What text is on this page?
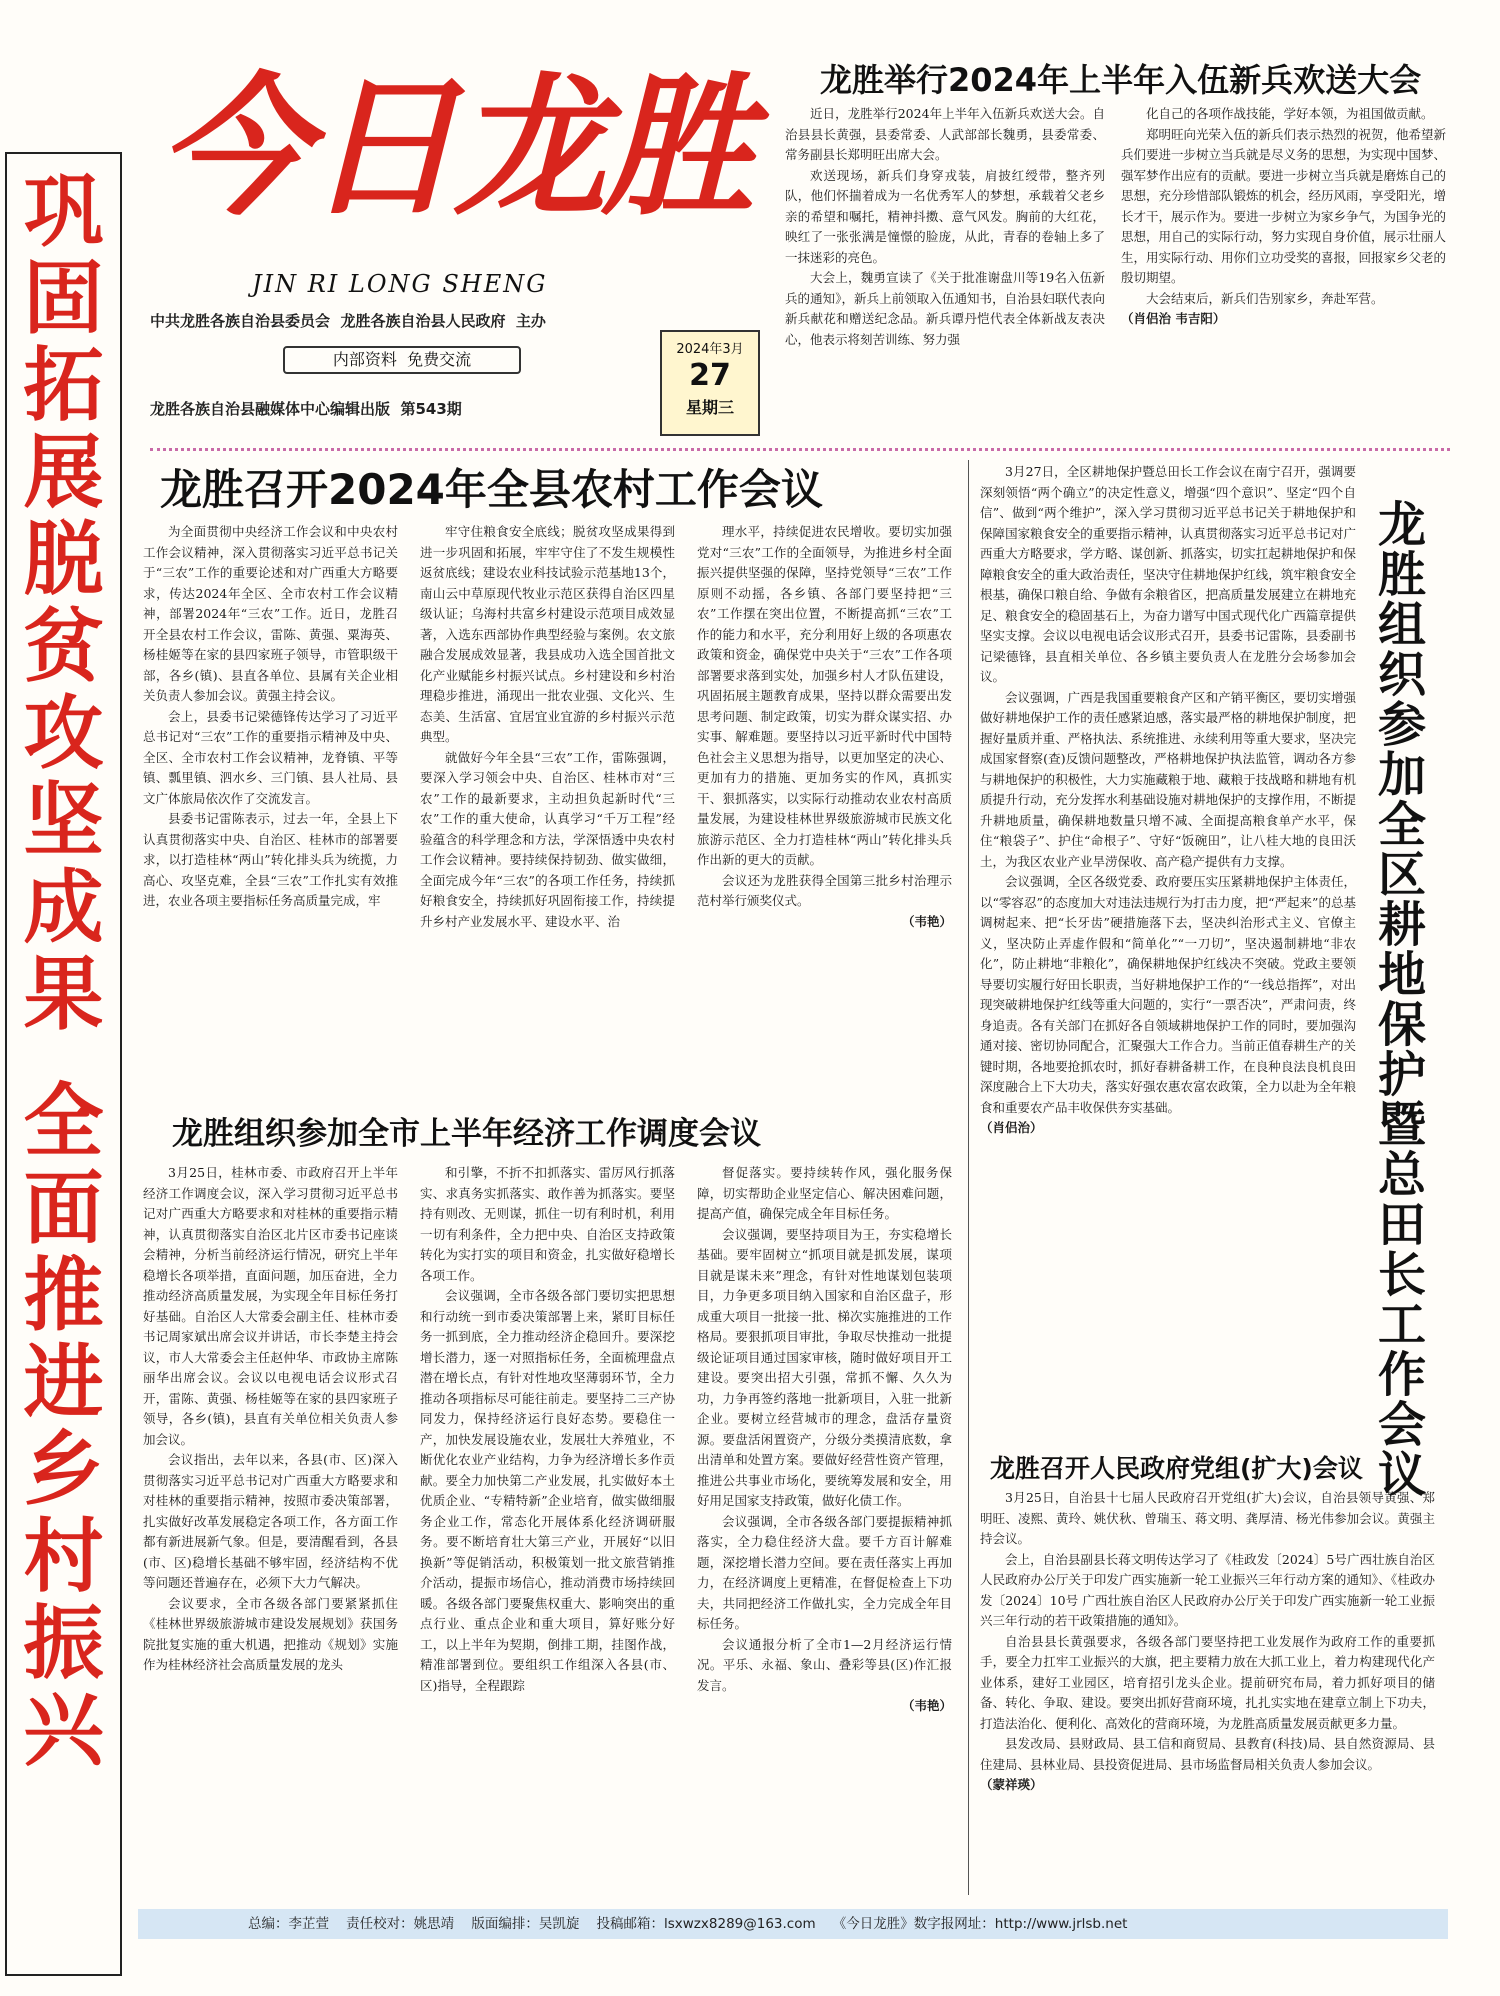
巩
固
拓
展
脱
贫
攻
坚
成
果
全
面
推
进
乡
村
振
兴
今日龙胜
JIN RI LONG SHENG
中共龙胜各族自治县委员会  龙胜各族自治县人民政府  主办
内部资料  免费交流
龙胜各族自治县融媒体中心编辑出版  第543期
2024年3月
27
星期三
龙胜举行2024年上半年入伍新兵欢送大会

近日，龙胜举行2024年上半年入伍新兵欢送大会。自治县县长黄强，县委常委、人武部部长魏勇，县委常委、常务副县长郑明旺出席大会。

欢送现场，新兵们身穿戎装，肩披红绶带，整齐列队，他们怀揣着成为一名优秀军人的梦想，承载着父老乡亲的希望和嘱托，精神抖擞、意气风发。胸前的大红花，映红了一张张满是憧憬的脸庞，从此，青春的卷轴上多了一抹迷彩的亮色。

大会上，魏勇宣读了《关于批准谢盘川等19名入伍新兵的通知》，新兵上前领取入伍通知书，自治县妇联代表向新兵献花和赠送纪念品。新兵谭丹恺代表全体新战友表决心，他表示将刻苦训练、努力强

化自己的各项作战技能，学好本领，为祖国做贡献。

郑明旺向光荣入伍的新兵们表示热烈的祝贺，他希望新兵们要进一步树立当兵就是尽义务的思想，为实现中国梦、强军梦作出应有的贡献。要进一步树立当兵就是磨炼自己的思想，充分珍惜部队锻炼的机会，经历风雨，享受阳光，增长才干，展示作为。要进一步树立为家乡争气，为国争光的思想，用自己的实际行动，努力实现自身价值，展示壮丽人生，用实际行动、用你们立功受奖的喜报，回报家乡父老的殷切期望。

大会结束后，新兵们告别家乡，奔赴军营。

（肖侣治 韦吉阳）
龙胜召开2024年全县农村工作会议

为全面贯彻中央经济工作会议和中央农村工作会议精神，深入贯彻落实习近平总书记关于“三农”工作的重要论述和对广西重大方略要求，传达2024年全区、全市农村工作会议精神，部署2024年“三农”工作。近日，龙胜召开全县农村工作会议，雷陈、黄强、粟海英、杨桂姬等在家的县四家班子领导，市管职级干部，各乡(镇)、县直各单位、县属有关企业相关负责人参加会议。黄强主持会议。

会上，县委书记梁德锋传达学习了习近平总书记对“三农”工作的重要指示精神及中央、全区、全市农村工作会议精神，龙脊镇、平等镇、瓢里镇、泗水乡、三门镇、县人社局、县文广体旅局依次作了交流发言。

县委书记雷陈表示，过去一年，全县上下认真贯彻落实中央、自治区、桂林市的部署要求，以打造桂林“两山”转化排头兵为统揽，力高心、攻坚克难，全县“三农”工作扎实有效推进，农业各项主要指标任务高质量完成，牢

牢守住粮食安全底线；脱贫攻坚成果得到进一步巩固和拓展，牢牢守住了不发生规模性返贫底线；建设农业科技试验示范基地13个，南山云中草原现代牧业示范区获得自治区四星级认证；乌海村共富乡村建设示范项目成效显著，入选东西部协作典型经验与案例。农文旅融合发展成效显著，我县成功入选全国首批文化产业赋能乡村振兴试点。乡村建设和乡村治理稳步推进，涌现出一批农业强、文化兴、生态美、生活富、宜居宜业宜游的乡村振兴示范典型。

就做好今年全县“三农”工作，雷陈强调，要深入学习领会中央、自治区、桂林市对“三农”工作的最新要求，主动担负起新时代“三农”工作的重大使命，认真学习“千万工程”经验蕴含的科学理念和方法，学深悟透中央农村工作会议精神。要持续保持韧劲、做实做细，全面完成今年“三农”的各项工作任务，持续抓好粮食安全，持续抓好巩固衔接工作，持续提升乡村产业发展水平、建设水平、治

理水平，持续促进农民增收。要切实加强党对“三农”工作的全面领导，为推进乡村全面振兴提供坚强的保障，坚持党领导“三农”工作原则不动摇，各乡镇、各部门要坚持把“三农”工作摆在突出位置，不断提高抓“三农”工作的能力和水平，充分利用好上级的各项惠农政策和资金，确保党中央关于“三农”工作各项部署要求落到实处，加强乡村人才队伍建设，巩固拓展主题教育成果，坚持以群众需要出发思考问题、制定政策，切实为群众谋实招、办实事、解难题。要坚持以习近平新时代中国特色社会主义思想为指导，以更加坚定的决心、更加有力的措施、更加务实的作风，真抓实干、狠抓落实，以实际行动推动农业农村高质量发展，为建设桂林世界级旅游城市民族文化旅游示范区、全力打造桂林“两山”转化排头兵作出新的更大的贡献。

会议还为龙胜获得全国第三批乡村治理示范村举行颁奖仪式。

（韦艳）
龙胜组织参加全市上半年经济工作调度会议

3月25日，桂林市委、市政府召开上半年经济工作调度会议，深入学习贯彻习近平总书记对广西重大方略要求和对桂林的重要指示精神，认真贯彻落实自治区北片区市委书记座谈会精神，分析当前经济运行情况，研究上半年稳增长各项举措，直面问题，加压奋进，全力推动经济高质量发展，为实现全年目标任务打好基础。自治区人大常委会副主任、桂林市委书记周家斌出席会议并讲话，市长李楚主持会议，市人大常委会主任赵仲华、市政协主席陈丽华出席会议。会议以电视电话会议形式召开，雷陈、黄强、杨桂姬等在家的县四家班子领导，各乡(镇)，县直有关单位相关负责人参加会议。

会议指出，去年以来，各县(市、区)深入贯彻落实习近平总书记对广西重大方略要求和对桂林的重要指示精神，按照市委决策部署，扎实做好改革发展稳定各项工作，各方面工作都有新进展新气象。但是，要清醒看到，各县(市、区)稳增长基础不够牢固，经济结构不优等问题还普遍存在，必须下大力气解决。

会议要求，全市各级各部门要紧紧抓住《桂林世界级旅游城市建设发展规划》获国务院批复实施的重大机遇，把推动《规划》实施作为桂林经济社会高质量发展的龙头

和引擎，不折不扣抓落实、雷厉风行抓落实、求真务实抓落实、敢作善为抓落实。要坚持有则改、无则谋，抓住一切有利时机，利用一切有利条件，全力把中央、自治区支持政策转化为实打实的项目和资金，扎实做好稳增长各项工作。

会议强调，全市各级各部门要切实把思想和行动统一到市委决策部署上来，紧盯目标任务一抓到底，全力推动经济企稳回升。要深挖增长潜力，逐一对照指标任务，全面梳理盘点潜在增长点，有针对性地攻坚薄弱环节，全力推动各项指标尽可能往前走。要坚持二三产协同发力，保持经济运行良好态势。要稳住一产，加快发展设施农业，发展壮大养殖业，不断优化农业产业结构，力争为经济增长多作贡献。要全力加快第二产业发展，扎实做好本土优质企业、“专精特新”企业培育，做实做细服务企业工作，常态化开展体系化经济调研服务。要不断培育壮大第三产业，开展好“以旧换新”等促销活动，积极策划一批文旅营销推介活动，提振市场信心，推动消费市场持续回暖。各级各部门要聚焦权重大、影响突出的重点行业、重点企业和重大项目，算好账分好工，以上半年为契期，倒排工期，挂图作战，精准部署到位。要组织工作组深入各县(市、区)指导，全程跟踪

督促落实。要持续转作风，强化服务保障，切实帮助企业坚定信心、解决困难问题，提高产值，确保完成全年目标任务。

会议强调，要坚持项目为王，夯实稳增长基础。要牢固树立“抓项目就是抓发展，谋项目就是谋未来”理念，有针对性地谋划包装项目，力争更多项目纳入国家和自治区盘子，形成重大项目一批接一批、梯次实施推进的工作格局。要狠抓项目审批，争取尽快推动一批提级论证项目通过国家审核，随时做好项目开工建设。要突出招大引强，常抓不懈、久久为功，力争再签约落地一批新项目，入驻一批新企业。要树立经营城市的理念，盘活存量资源。要盘活闲置资产，分级分类摸清底数，拿出清单和处置方案。要做好经营性资产管理，推进公共事业市场化，要统筹发展和安全，用好用足国家支持政策，做好化债工作。

会议强调，全市各级各部门要提振精神抓落实，全力稳住经济大盘。要千方百计解难题，深挖增长潜力空间。要在责任落实上再加力，在经济调度上更精准，在督促检查上下功夫，共同把经济工作做扎实，全力完成全年目标任务。

会议通报分析了全市1—2月经济运行情况。平乐、永福、象山、叠彩等县(区)作汇报发言。

（韦艳）
龙
胜
组
织
参
加
全
区
耕
地
保
护
暨
总
田
长
工
作
会
议

3月27日，全区耕地保护暨总田长工作会议在南宁召开，强调要深刻领悟“两个确立”的决定性意义，增强“四个意识”、坚定“四个自信”、做到“两个维护”，深入学习贯彻习近平总书记关于耕地保护和保障国家粮食安全的重要指示精神，认真贯彻落实习近平总书记对广西重大方略要求，学方略、谋创新、抓落实，切实扛起耕地保护和保障粮食安全的重大政治责任，坚决守住耕地保护红线，筑牢粮食安全根基，确保口粮自给、争做有余粮省区，把高质量发展建立在耕地充足、粮食安全的稳固基石上，为奋力谱写中国式现代化广西篇章提供坚实支撑。会议以电视电话会议形式召开，县委书记雷陈，县委副书记梁德锋，县直相关单位、各乡镇主要负责人在龙胜分会场参加会议。

会议强调，广西是我国重要粮食产区和产销平衡区，要切实增强做好耕地保护工作的责任感紧迫感，落实最严格的耕地保护制度，把握好量质并重、严格执法、系统推进、永续利用等重大要求，坚决完成国家督察(查)反馈问题整改，严格耕地保护执法监管，调动各方参与耕地保护的积极性，大力实施藏粮于地、藏粮于技战略和耕地有机质提升行动，充分发挥水利基础设施对耕地保护的支撑作用，不断提升耕地质量，确保耕地数量只增不减、全面提高粮食单产水平，保住“粮袋子”、护住“命根子”、守好“饭碗田”，让八桂大地的良田沃土，为我区农业产业旱涝保收、高产稳产提供有力支撑。

会议强调，全区各级党委、政府要压实压紧耕地保护主体责任，以“零容忍”的态度加大对违法违规行为打击力度，把“严起来”的总基调树起来、把“长牙齿”硬措施落下去，坚决纠治形式主义、官僚主义，坚决防止弄虚作假和“简单化”“一刀切”，坚决遏制耕地“非农化”，防止耕地“非粮化”，确保耕地保护红线决不突破。党政主要领导要切实履行好田长职责，当好耕地保护工作的“一线总指挥”，对出现突破耕地保护红线等重大问题的，实行“一票否决”，严肃问责，终身追责。各有关部门在抓好各自领域耕地保护工作的同时，要加强沟通对接、密切协同配合，汇聚强大工作合力。当前正值春耕生产的关键时期，各地要抢抓农时，抓好春耕备耕工作，在良种良法良机良田深度融合上下大功夫，落实好强农惠农富农政策，全力以赴为全年粮食和重要农产品丰收保供夯实基础。

（肖侣治）
龙胜召开人民政府党组(扩大)会议

3月25日，自治县十七届人民政府召开党组(扩大)会议，自治县领导黄强、郑明旺、凌熙、黄玲、姚伏秋、曾瑞玉、蒋文明、龚厚清、杨光伟参加会议。黄强主持会议。

会上，自治县副县长蒋文明传达学习了《桂政发〔2024〕5号广西壮族自治区人民政府办公厅关于印发广西实施新一轮工业振兴三年行动方案的通知》、《桂政办发〔2024〕10号 广西壮族自治区人民政府办公厅关于印发广西实施新一轮工业振兴三年行动的若干政策措施的通知》。

自治县县长黄强要求，各级各部门要坚持把工业发展作为政府工作的重要抓手，要全力扛牢工业振兴的大旗，把主要精力放在大抓工业上，着力构建现代化产业体系，建好工业园区，培育招引龙头企业。提前研究布局，着力抓好项目的储备、转化、争取、建设。要突出抓好营商环境，扎扎实实地在建章立制上下功夫，打造法治化、便利化、高效化的营商环境，为龙胜高质量发展贡献更多力量。

县发改局、县财政局、县工信和商贸局、县教育(科技)局、县自然资源局、县住建局、县林业局、县投资促进局、县市场监督局相关负责人参加会议。

（蒙祥瑛）
总编：李芷萱    责任校对：姚思靖    版面编排：吴凯旋    投稿邮箱：lsxwzx8289@163.com    《今日龙胜》数字报网址：http://www.jrlsb.net
